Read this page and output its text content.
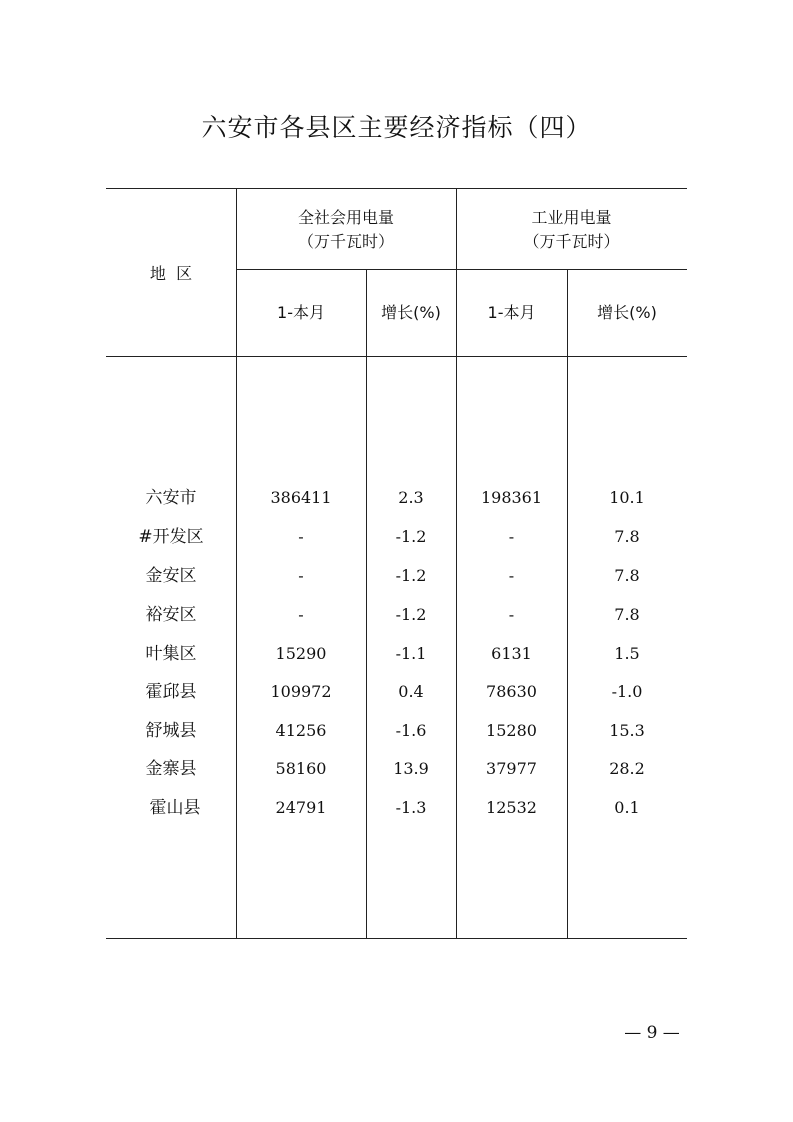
六安市各县区主要经济指标（四）
地  区
全社会用电量
（万千瓦时）
工业用电量
（万千瓦时）
1-本月	增长(%)	1-本月	增长(%)
六安市	386411	2.3	198361	10.1
#开发区	-	-1.2	-	7.8
金安区	-	-1.2	-	7.8
裕安区	-	-1.2	-	7.8
叶集区	15290	-1.1	6131	1.5
霍邱县	109972	0.4	78630	-1.0
舒城县	41256	-1.6	15280	15.3
金寨县	58160	13.9	37977	28.2
霍山县	24791	-1.3	12532	0.1
— 9 —
